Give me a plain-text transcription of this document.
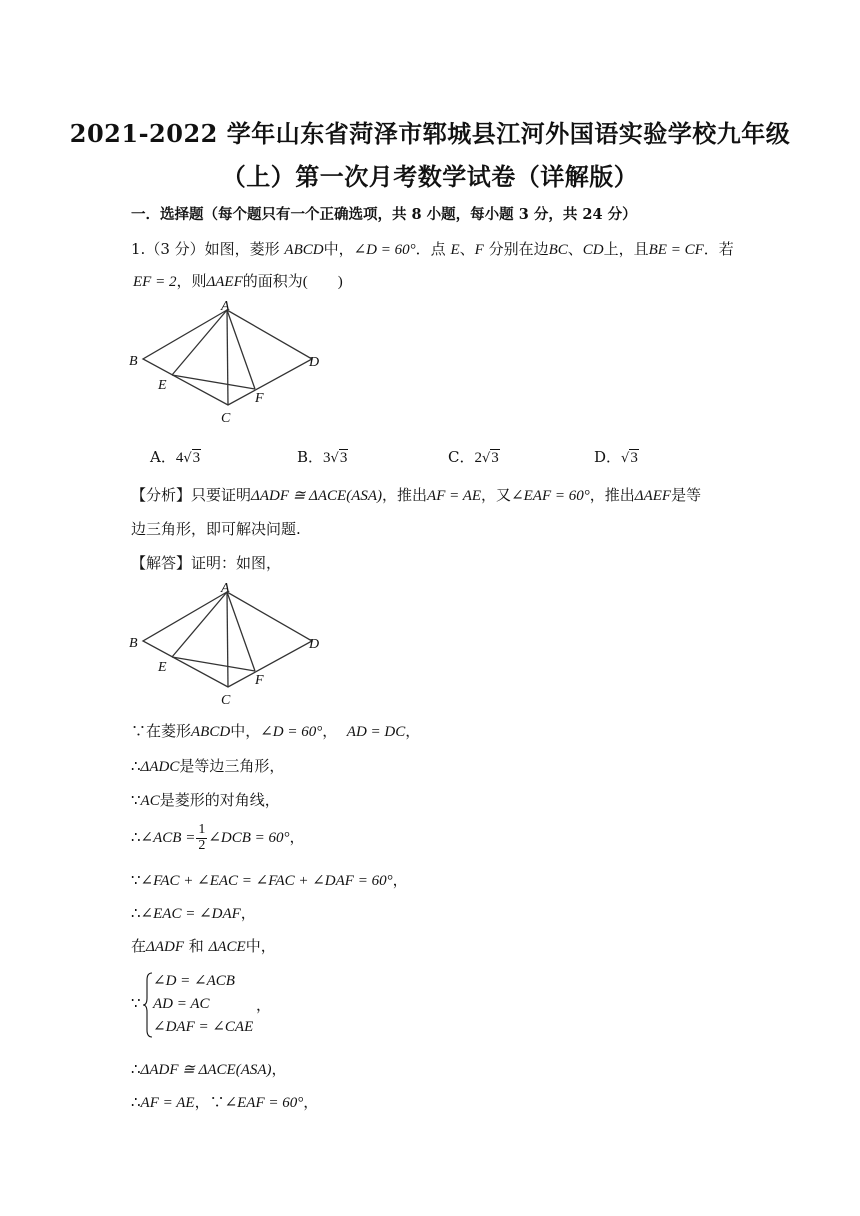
2021-2022 学年山东省菏泽市郓城县江河外国语实验学校九年级
（上）第一次月考数学试卷（详解版）
一．选择题（每个题只有一个正确选项，共 8 小题，每小题 3 分，共 24 分）
1.（3 分）如图，菱形 ABCD中，∠D = 60°．点 E、F 分别在边BC、CD上，且BE = CF．若
EF = 2，则ΔAEF的面积为(　　)
A
B
C
D
E
F
A．4√3	B．3√3	C．2√3	D．√3
【分析】只要证明ΔADF ≅ ΔACE(ASA)，推出AF = AE，又∠EAF = 60°，推出ΔAEF是等
边三角形，即可解决问题.
【解答】证明：如图，
A
B
C
D
E
F
∵在菱形ABCD中，∠D = 60°， AD = DC，
∴ΔADC是等边三角形，
∵AC是菱形的对角线，
∴∠ACB = $\frac{1}{2}$ ∠DCB = 60°，
∵∠FAC + ∠EAC = ∠FAC + ∠DAF = 60°，
∴∠EAC = ∠DAF，
在ΔADF 和 ΔACE中，
∵
∠D = ∠ACB
AD = AC
∠DAF = ∠CAE
，
∴ΔADF ≅ ΔACE(ASA)，
∴AF = AE，∵∠EAF = 60°，
